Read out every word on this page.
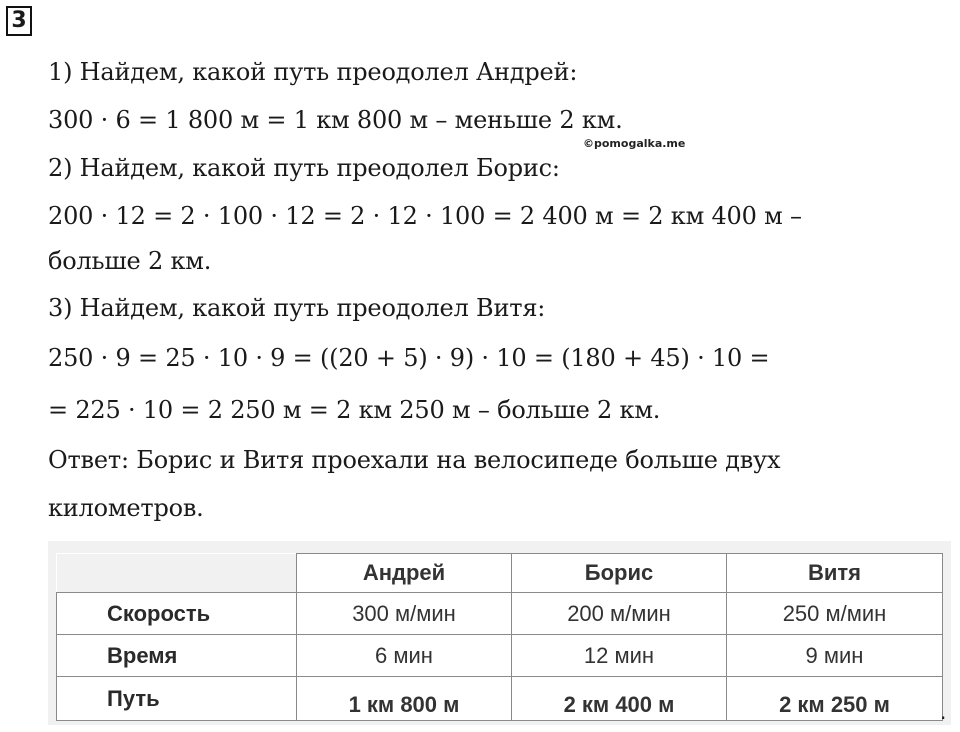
3
1) Найдем, какой путь преодолел Андрей:
300 · 6 = 1 800 м = 1 км 800 м – меньше 2 км.
©pomogalka.me
2) Найдем, какой путь преодолел Борис:
200 · 12 = 2 · 100 · 12 = 2 · 12 · 100 = 2 400 м = 2 км 400 м –
больше 2 км.
3) Найдем, какой путь преодолел Витя:
250 · 9 = 25 · 10 · 9 = ((20 + 5) · 9) · 10 = (180 + 45) · 10 =
= 225 · 10 = 2 250 м = 2 км 250 м – больше 2 км.
Ответ: Борис и Витя проехали на велосипеде больше двух
километров.
	Андрей	Борис	Витя
Скорость	300 м/мин	200 м/мин	250 м/мин
Время	6 мин	12 мин	9 мин
Путь	1 км 800 м	2 км 400 м	2 км 250 м	.
